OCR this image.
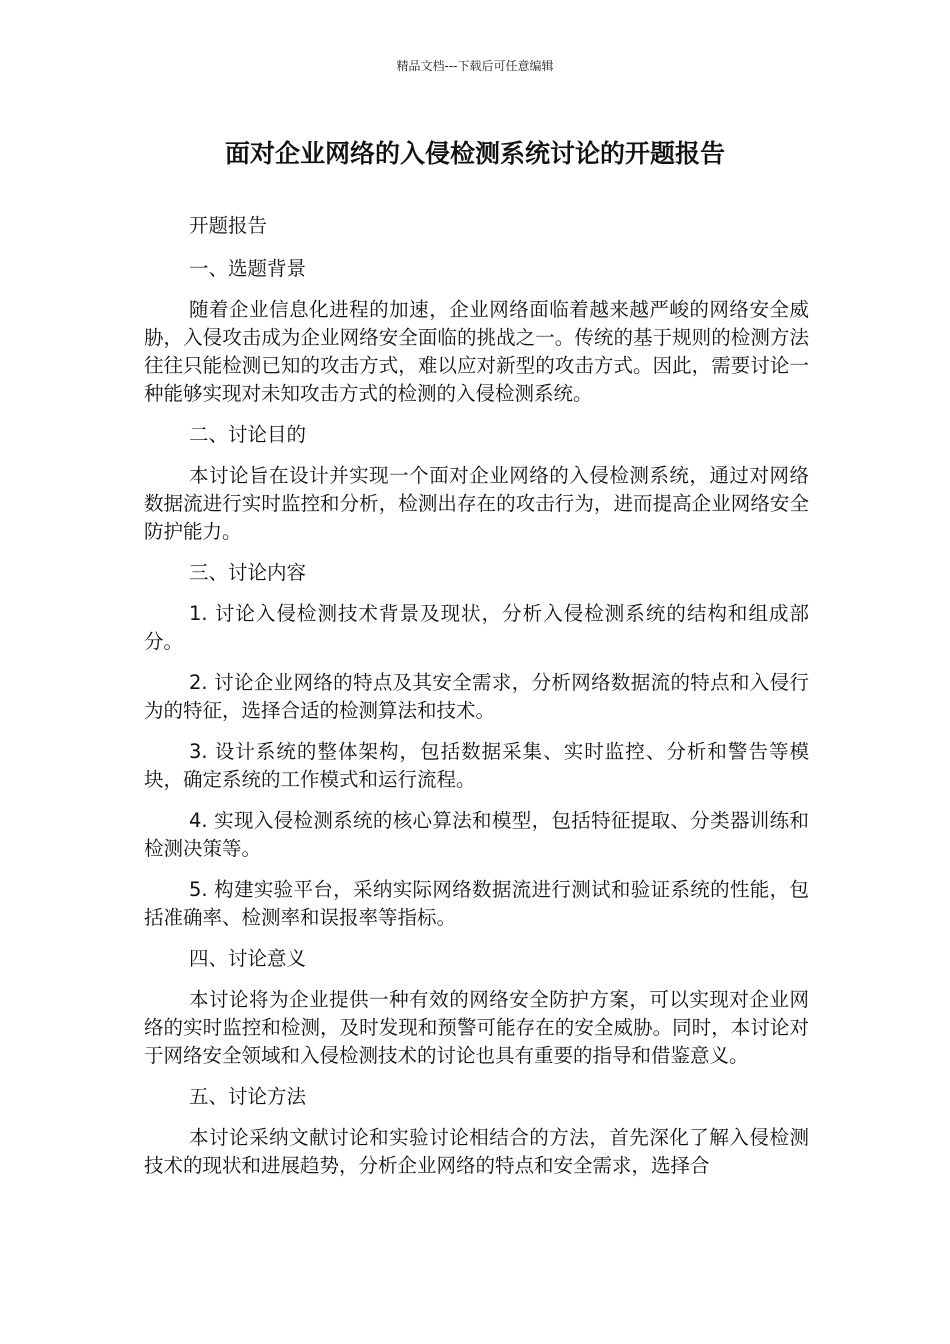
精品文档---下载后可任意编辑
面对企业网络的入侵检测系统讨论的开题报告

开题报告

一、选题背景

随着企业信息化进程的加速，企业网络面临着越来越严峻的网络安全威胁，入侵攻击成为企业网络安全面临的挑战之一。传统的基于规则的检测方法往往只能检测已知的攻击方式，难以应对新型的攻击方式。因此，需要讨论一种能够实现对未知攻击方式的检测的入侵检测系统。

二、讨论目的

本讨论旨在设计并实现一个面对企业网络的入侵检测系统，通过对网络数据流进行实时监控和分析，检测出存在的攻击行为，进而提高企业网络安全防护能力。

三、讨论内容

1. 讨论入侵检测技术背景及现状，分析入侵检测系统的结构和组成部分。

2. 讨论企业网络的特点及其安全需求，分析网络数据流的特点和入侵行为的特征，选择合适的检测算法和技术。

3. 设计系统的整体架构，包括数据采集、实时监控、分析和警告等模块，确定系统的工作模式和运行流程。

4. 实现入侵检测系统的核心算法和模型，包括特征提取、分类器训练和检测决策等。

5. 构建实验平台，采纳实际网络数据流进行测试和验证系统的性能，包括准确率、检测率和误报率等指标。

四、讨论意义

本讨论将为企业提供一种有效的网络安全防护方案，可以实现对企业网络的实时监控和检测，及时发现和预警可能存在的安全威胁。同时，本讨论对于网络安全领域和入侵检测技术的讨论也具有重要的指导和借鉴意义。

五、讨论方法

本讨论采纳文献讨论和实验讨论相结合的方法，首先深化了解入侵检测技术的现状和进展趋势，分析企业网络的特点和安全需求，选择合
